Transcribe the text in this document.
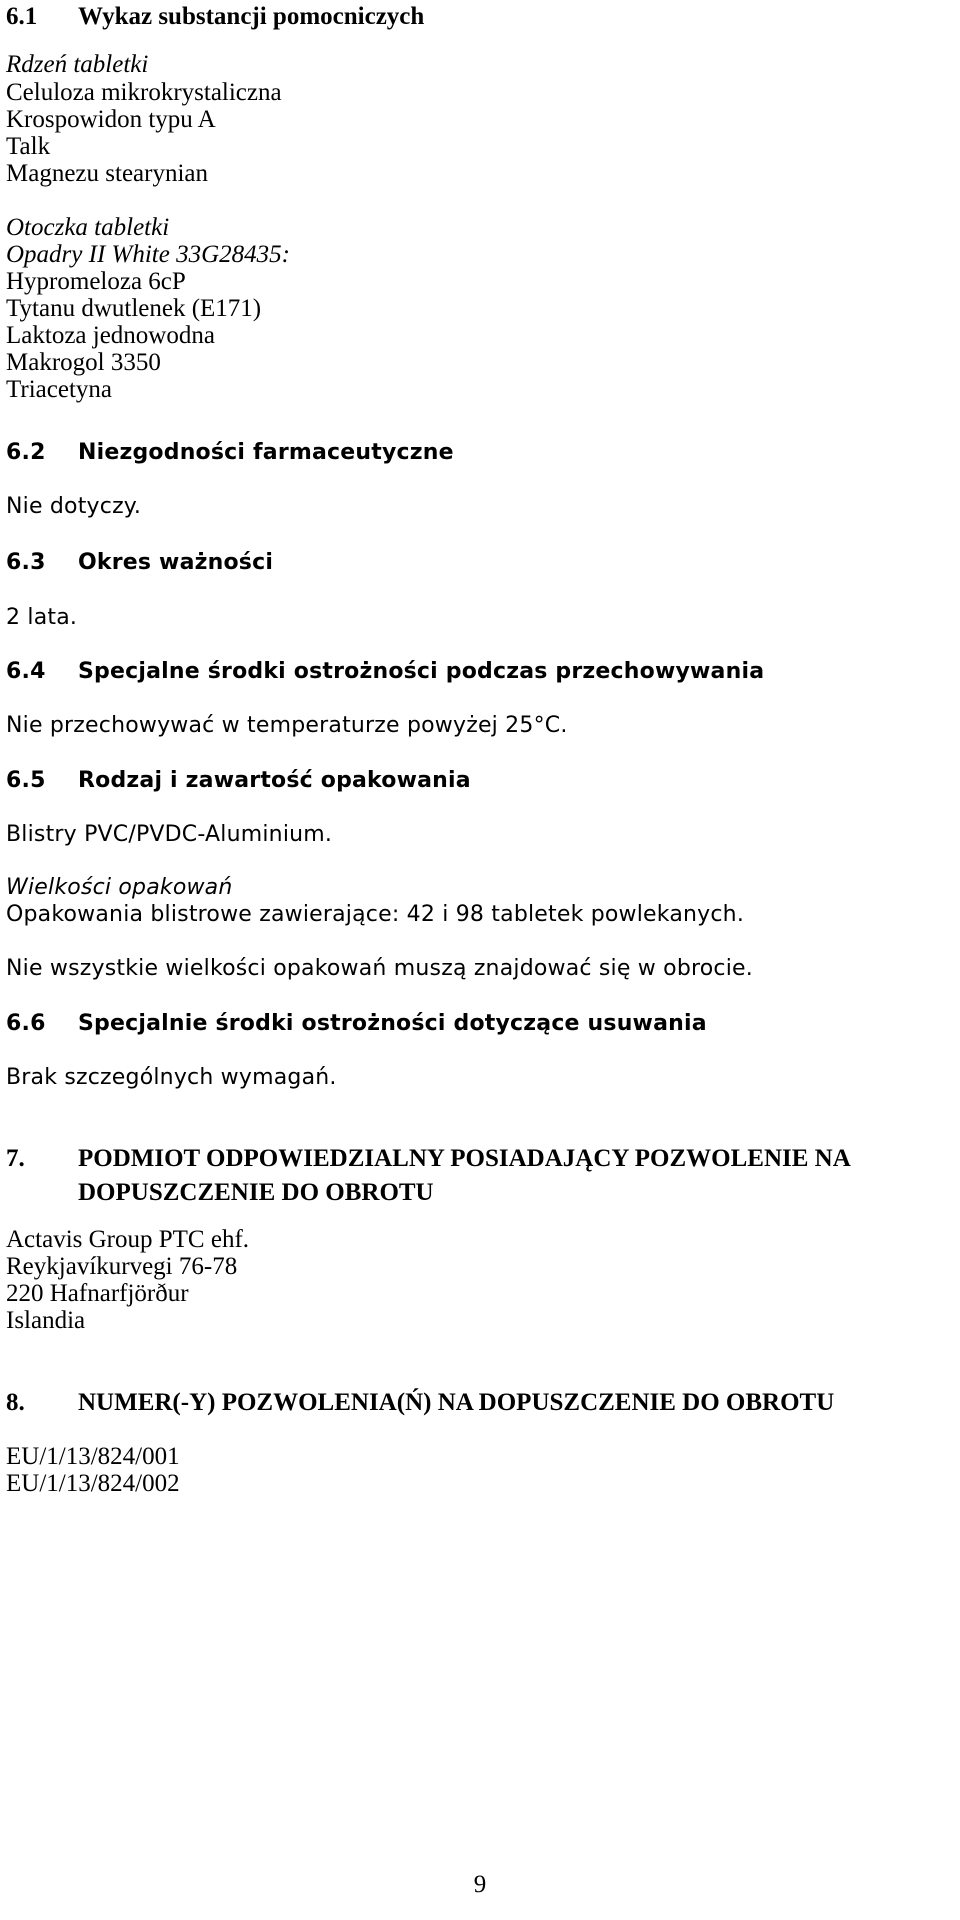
6.1 Wykaz substancji pomocniczych
Rdzeń tabletki
Celuloza mikrokrystaliczna
Krospowidon typu A
Talk
Magnezu stearynian
Otoczka tabletki
Opadry II White 33G28435:
Hypromeloza 6cP
Tytanu dwutlenek (E171)
Laktoza jednowodna
Makrogol 3350
Triacetyna
6.2 Niezgodności farmaceutyczne
Nie dotyczy.
6.3 Okres ważności
2 lata.
6.4 Specjalne środki ostrożności podczas przechowywania
Nie przechowywać w temperaturze powyżej 25°C.
6.5 Rodzaj i zawartość opakowania
Blistry PVC/PVDC-Aluminium.
Wielkości opakowań
Opakowania blistrowe zawierające: 42 i 98 tabletek powlekanych.
Nie wszystkie wielkości opakowań muszą znajdować się w obrocie.
6.6 Specjalnie środki ostrożności dotyczące usuwania
Brak szczególnych wymagań.
7. PODMIOT ODPOWIEDZIALNY POSIADAJĄCY POZWOLENIE NA DOPUSZCZENIE DO OBROTU
Actavis Group PTC ehf.
Reykjavíkurvegi 76-78
220 Hafnarfjörður
Islandia
8. NUMER(-Y) POZWOLENIA(Ń) NA DOPUSZCZENIE DO OBROTU
EU/1/13/824/001
EU/1/13/824/002
9
